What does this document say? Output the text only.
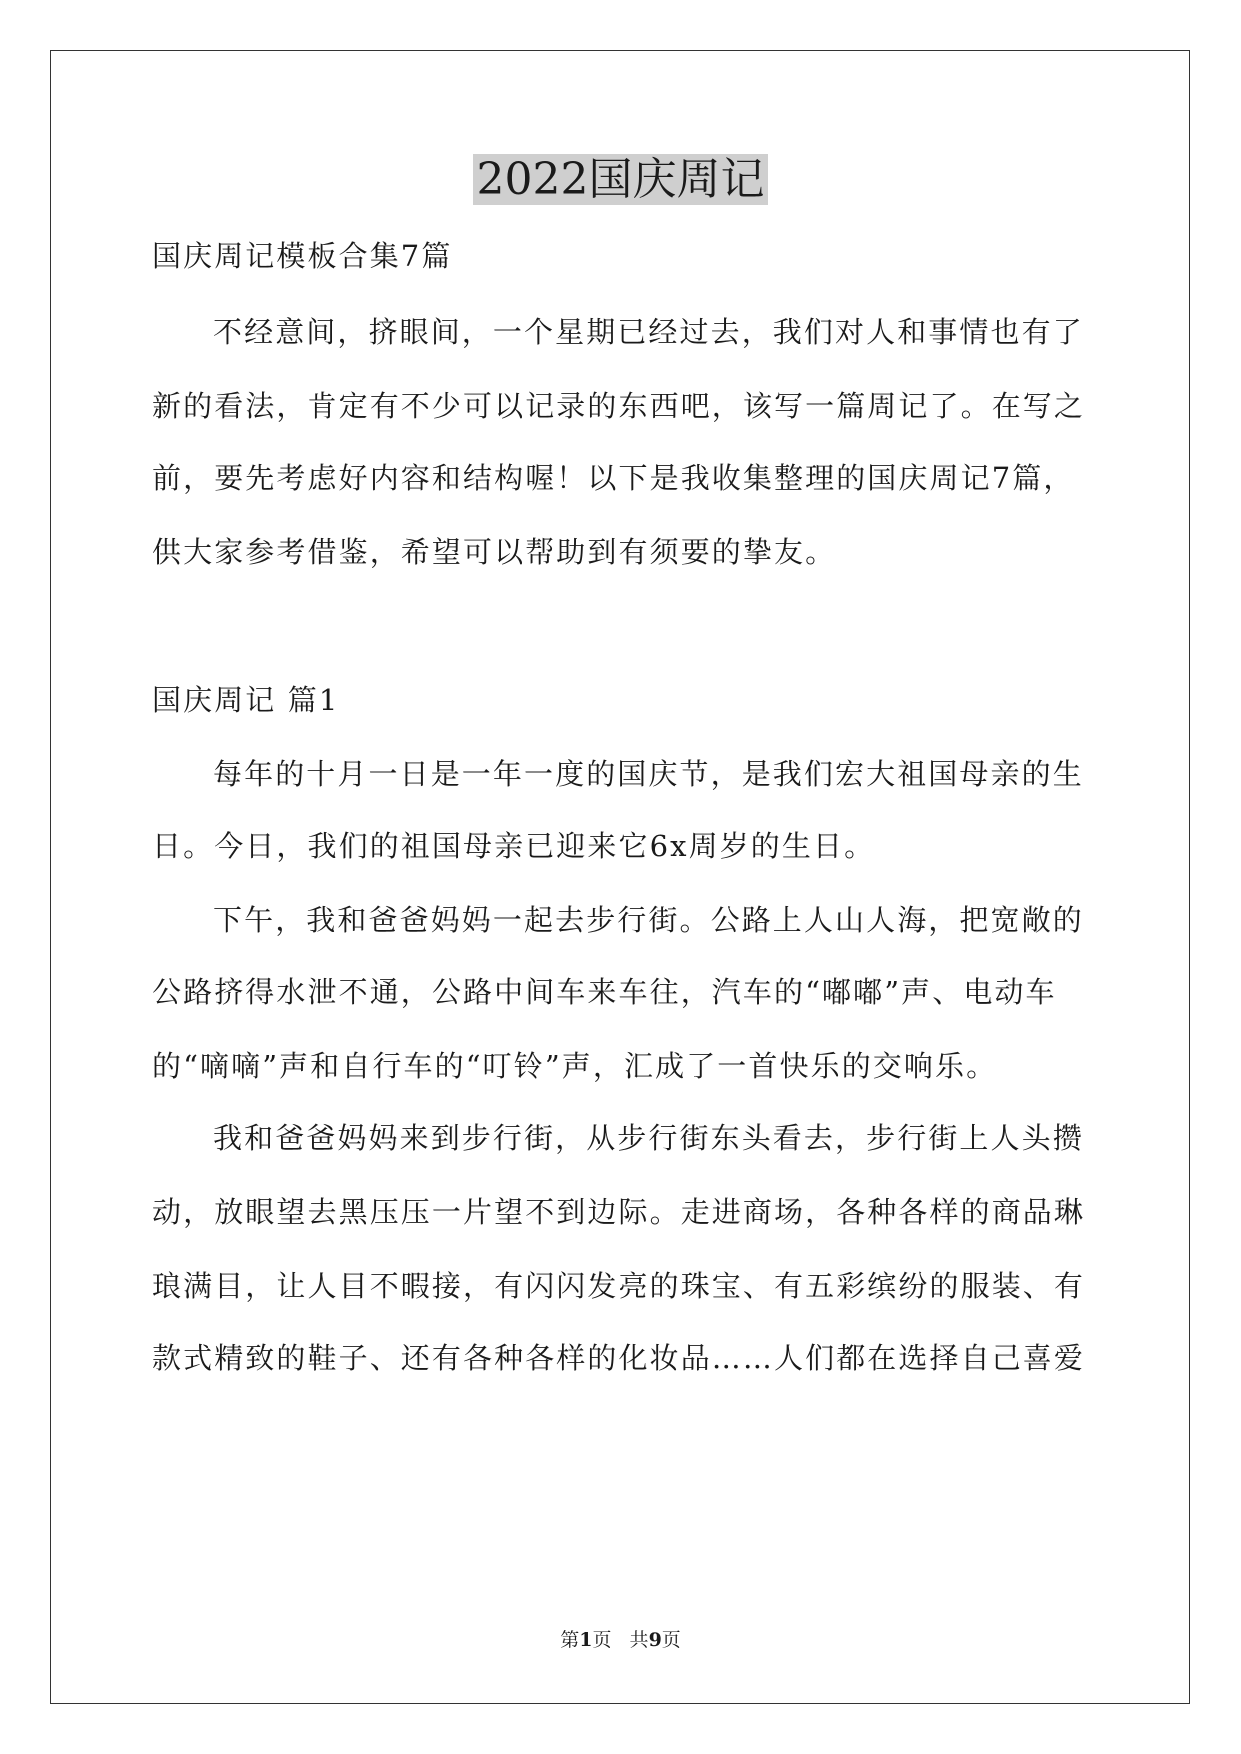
2022国庆周记
国庆周记模板合集7篇
不经意间，挤眼间，一个星期已经过去，我们对人和事情也有了
新的看法，肯定有不少可以记录的东西吧，该写一篇周记了。在写之
前，要先考虑好内容和结构喔！以下是我收集整理的国庆周记7篇，
供大家参考借鉴，希望可以帮助到有须要的挚友。
国庆周记 篇1
每年的十月一日是一年一度的国庆节，是我们宏大祖国母亲的生
日。今日，我们的祖国母亲已迎来它6x周岁的生日。
下午，我和爸爸妈妈一起去步行街。公路上人山人海，把宽敞的
公路挤得水泄不通，公路中间车来车往，汽车的“嘟嘟”声、电动车
的“嘀嘀”声和自行车的“叮铃”声，汇成了一首快乐的交响乐。
我和爸爸妈妈来到步行街，从步行街东头看去，步行街上人头攒
动，放眼望去黑压压一片望不到边际。走进商场，各种各样的商品琳
琅满目，让人目不暇接，有闪闪发亮的珠宝、有五彩缤纷的服装、有
款式精致的鞋子、还有各种各样的化妆品……人们都在选择自己喜爱
第1页   共9页
